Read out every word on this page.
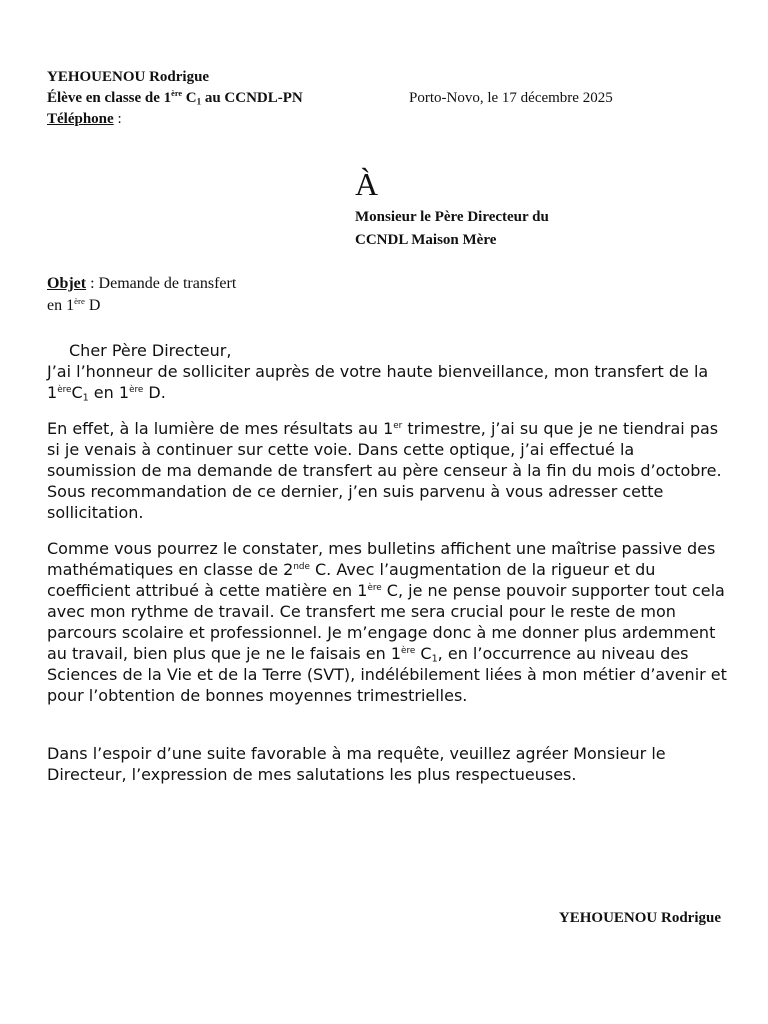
YEHOUENOU Rodrigue
Élève en classe de 1ère $C_1$ au CCNDL-PN
Téléphone :
Porto-Novo, le 17 décembre 2025
À
Monsieur le Père Directeur du
CCNDL Maison Mère
Objet : Demande de transfert
en 1ère D
Cher Père Directeur,
J’ai l’honneur de solliciter auprès de votre haute bienveillance, mon transfert de la $1èreC_1$ en 1ère D.
En effet, à la lumière de mes résultats au 1er trimestre, j’ai su que je ne tiendrai pas si je venais à continuer sur cette voie. Dans cette optique, j’ai effectué la soumission de ma demande de transfert au père censeur à la fin du mois d’octobre. Sous recommandation de ce dernier, j’en suis parvenu à vous adresser cette sollicitation.
Comme vous pourrez le constater, mes bulletins affichent une maîtrise passive des mathématiques en classe de 2nde C. Avec l’augmentation de la rigueur et du coefficient attribué à cette matière en 1ère C, je ne pense pouvoir supporter tout cela avec mon rythme de travail. Ce transfert me sera crucial pour le reste de mon parcours scolaire et professionnel. Je m’engage donc à me donner plus ardemment au travail, bien plus que je ne le faisais en 1ère $C_1$, en l’occurrence au niveau des Sciences de la Vie et de la Terre (SVT), indélébilement liées à mon métier d’avenir et pour l’obtention de bonnes moyennes trimestrielles.
Dans l’espoir d’une suite favorable à ma requête, veuillez agréer Monsieur le Directeur, l’expression de mes salutations les plus respectueuses.
YEHOUENOU Rodrigue
